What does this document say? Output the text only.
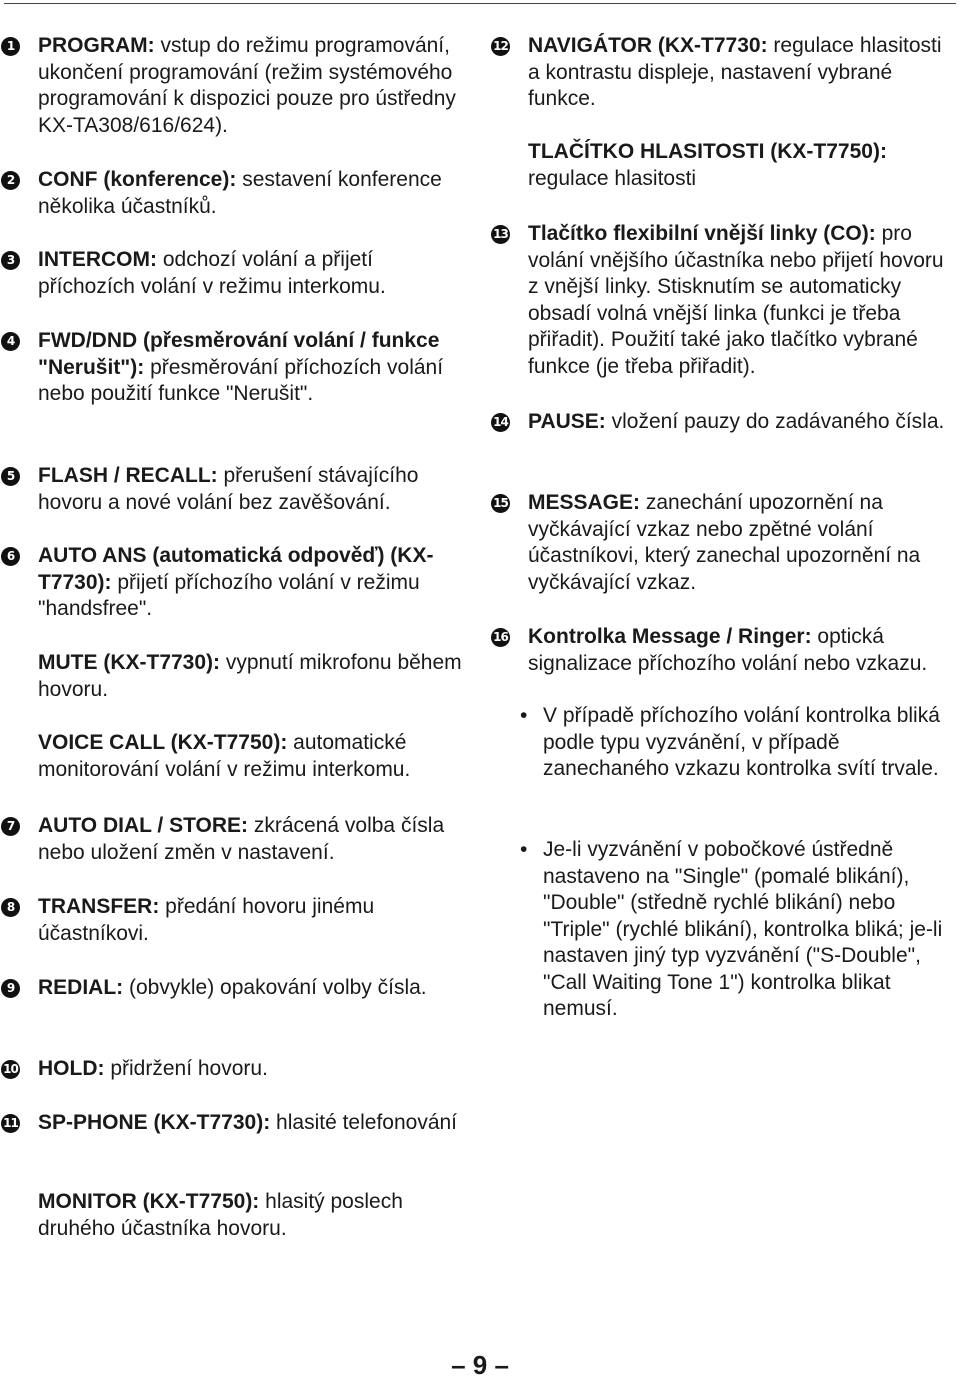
1 PROGRAM: vstup do režimu programování, ukončení programování (režim systémového programování k dispozici pouze pro ústředny KX-TA308/616/624).
2 CONF (konference): sestavení konference několika účastníků.
3 INTERCOM: odchozí volání a přijetí příchozích volání v režimu interkomu.
4 FWD/DND (přesměrování volání / funkce "Nerušit"): přesměrování příchozích volání nebo použití funkce "Nerušit".
5 FLASH / RECALL: přerušení stávajícího hovoru a nové volání bez zavěšování.
6 AUTO ANS (automatická odpověď) (KX-T7730): přijetí příchozího volání v režimu "handsfree".
MUTE (KX-T7730): vypnutí mikrofonu během hovoru.
VOICE CALL (KX-T7750): automatické monitorování volání v režimu interkomu.
7 AUTO DIAL / STORE: zkrácená volba čísla nebo uložení změn v nastavení.
8 TRANSFER: předání hovoru jinému účastníkovi.
9 REDIAL: (obvykle) opakování volby čísla.
10 HOLD: přidržení hovoru.
11 SP-PHONE (KX-T7730): hlasité telefonování
MONITOR (KX-T7750): hlasitý poslech druhého účastníka hovoru.
12 NAVIGÁTOR (KX-T7730: regulace hlasitosti a kontrastu displeje, nastavení vybrané funkce.
TLAČÍTKO HLASITOSTI (KX-T7750): regulace hlasitosti
13 Tlačítko flexibilní vnější linky (CO): pro volání vnějšího účastníka nebo přijetí hovoru z vnější linky. Stisknutím se automaticky obsadí volná vnější linka (funkci je třeba přiřadit). Použití také jako tlačítko vybrané funkce (je třeba přiřadit).
14 PAUSE: vložení pauzy do zadávaného čísla.
15 MESSAGE: zanechání upozornění na vyčkávající vzkaz nebo zpětné volání účastníkovi, který zanechal upozornění na vyčkávající vzkaz.
16 Kontrolka Message / Ringer: optická signalizace příchozího volání nebo vzkazu.
• V případě příchozího volání kontrolka bliká podle typu vyzvánění, v případě zanechaného vzkazu kontrolka svítí trvale.
• Je-li vyzvánění v pobočkové ústředně nastaveno na "Single" (pomalé blikání), "Double" (středně rychlé blikání) nebo "Triple" (rychlé blikání), kontrolka bliká; je-li nastaven jiný typ vyzvánění ("S-Double", "Call Waiting Tone 1") kontrolka blikat nemusí.
– 9 –
